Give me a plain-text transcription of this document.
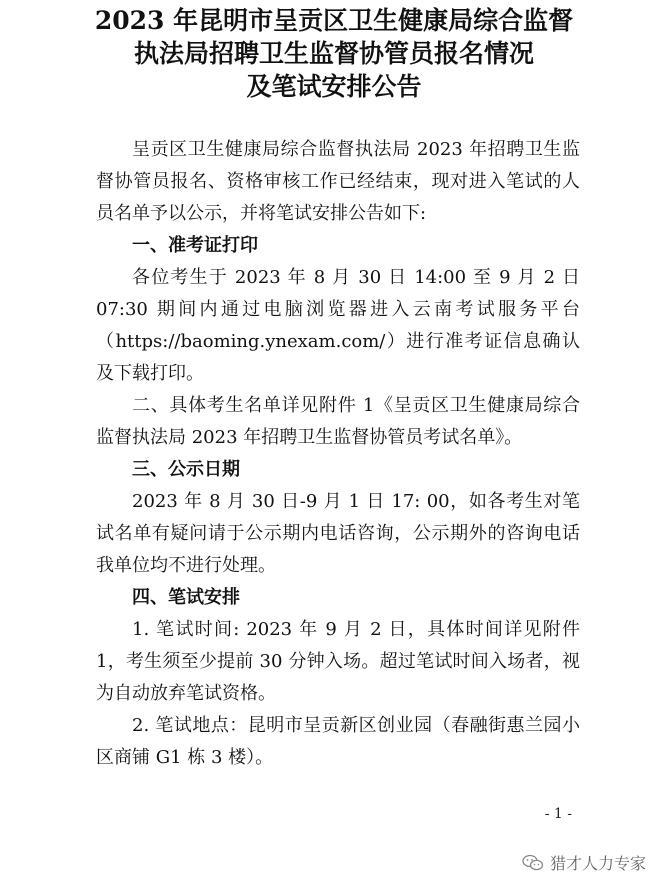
2023 年昆明市呈贡区卫生健康局综合监督
执法局招聘卫生监督协管员报名情况
及笔试安排公告

呈贡区卫生健康局综合监督执法局 2023 年招聘卫生监督协管员报名、资格审核工作已经结束，现对进入笔试的人员名单予以公示，并将笔试安排公告如下:

一、准考证打印

各位考生于 2023 年 8 月 30 日 14:00 至 9 月 2 日 07:30 期间内通过电脑浏览器进入云南考试服务平台（https://baoming.ynexam.com/）进行准考证信息确认及下载打印。

二、具体考生名单详见附件 1《呈贡区卫生健康局综合监督执法局 2023 年招聘卫生监督协管员考试名单》。

三、公示日期

2023 年 8 月 30 日-9 月 1 日 17: 00，如各考生对笔试名单有疑问请于公示期内电话咨询，公示期外的咨询电话我单位均不进行处理。

四、笔试安排

1. 笔试时间: 2023 年 9 月 2 日，具体时间详见附件 1，考生须至少提前 30 分钟入场。超过笔试时间入场者，视为自动放弃笔试资格。

2. 笔试地点：昆明市呈贡新区创业园（春融街惠兰园小区商铺 G1 栋 3 楼）。

- 1 -
猎才人力专家
